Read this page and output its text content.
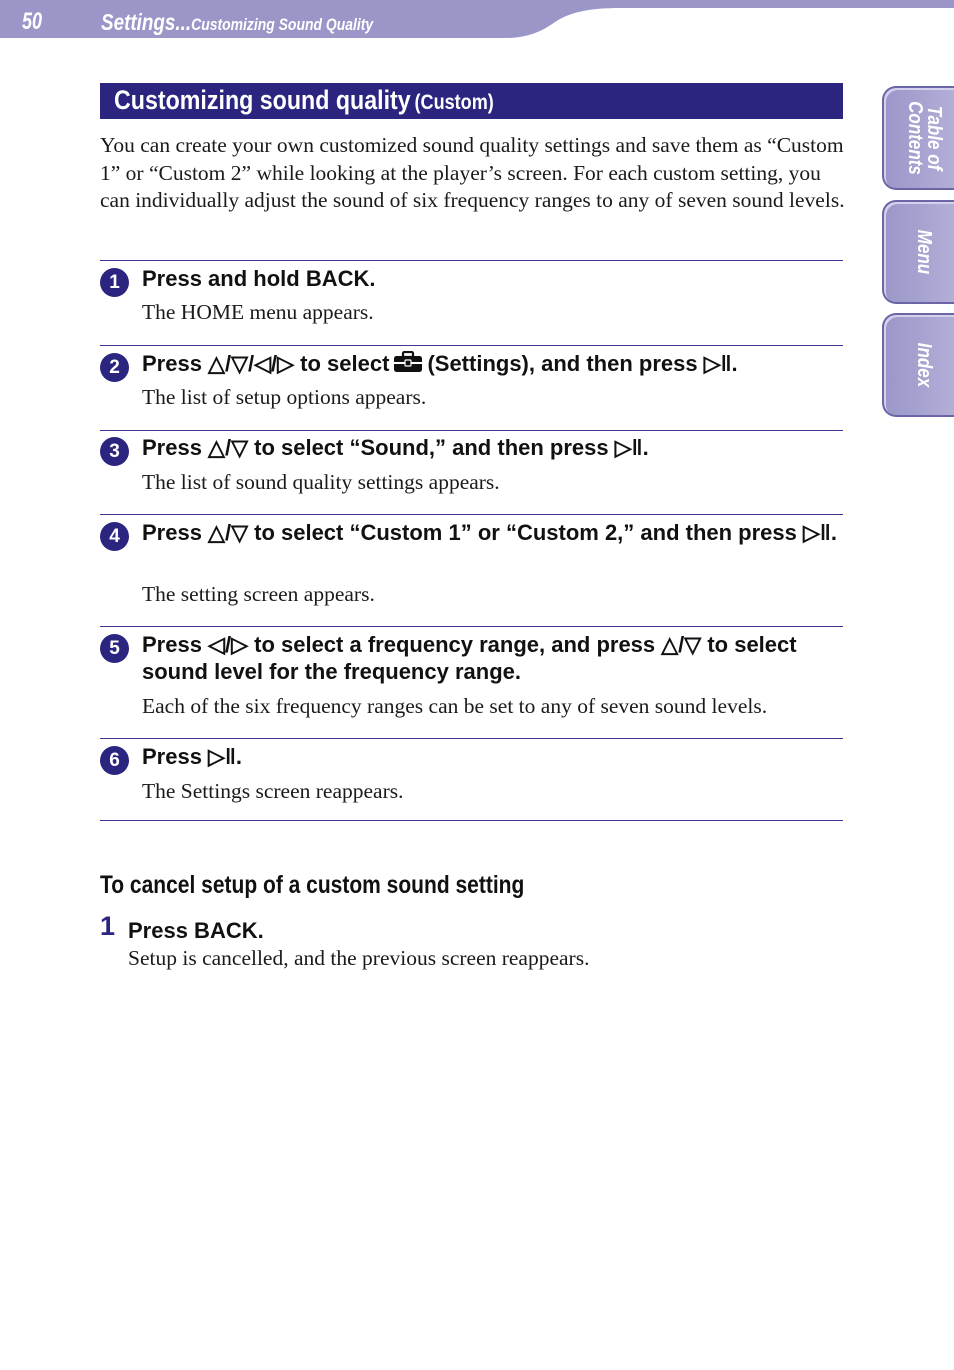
50	Settings...Customizing Sound Quality
Table of Contents
Menu
Index
Customizing sound quality (Custom)
You can create your own customized sound quality settings and save them as “Custom 1” or “Custom 2” while looking at the player’s screen. For each custom setting, you can individually adjust the sound of six frequency ranges to any of seven sound levels.
1	Press and hold BACK.
The HOME menu appears.
2	Press △/▽/◁/▷ to select (Settings), and then press ▷‖.
The list of setup options appears.
3	Press △/▽ to select “Sound,” and then press ▷‖.
The list of sound quality settings appears.
4	Press △/▽ to select “Custom 1” or “Custom 2,” and then press ▷‖.
The setting screen appears.
5	Press ◁/▷ to select a frequency range, and press △/▽ to select sound level for the frequency range.
Each of the six frequency ranges can be set to any of seven sound levels.
6	Press ▷‖.
The Settings screen reappears.
To cancel setup of a custom sound setting
1 Press BACK.
Setup is cancelled, and the previous screen reappears.
